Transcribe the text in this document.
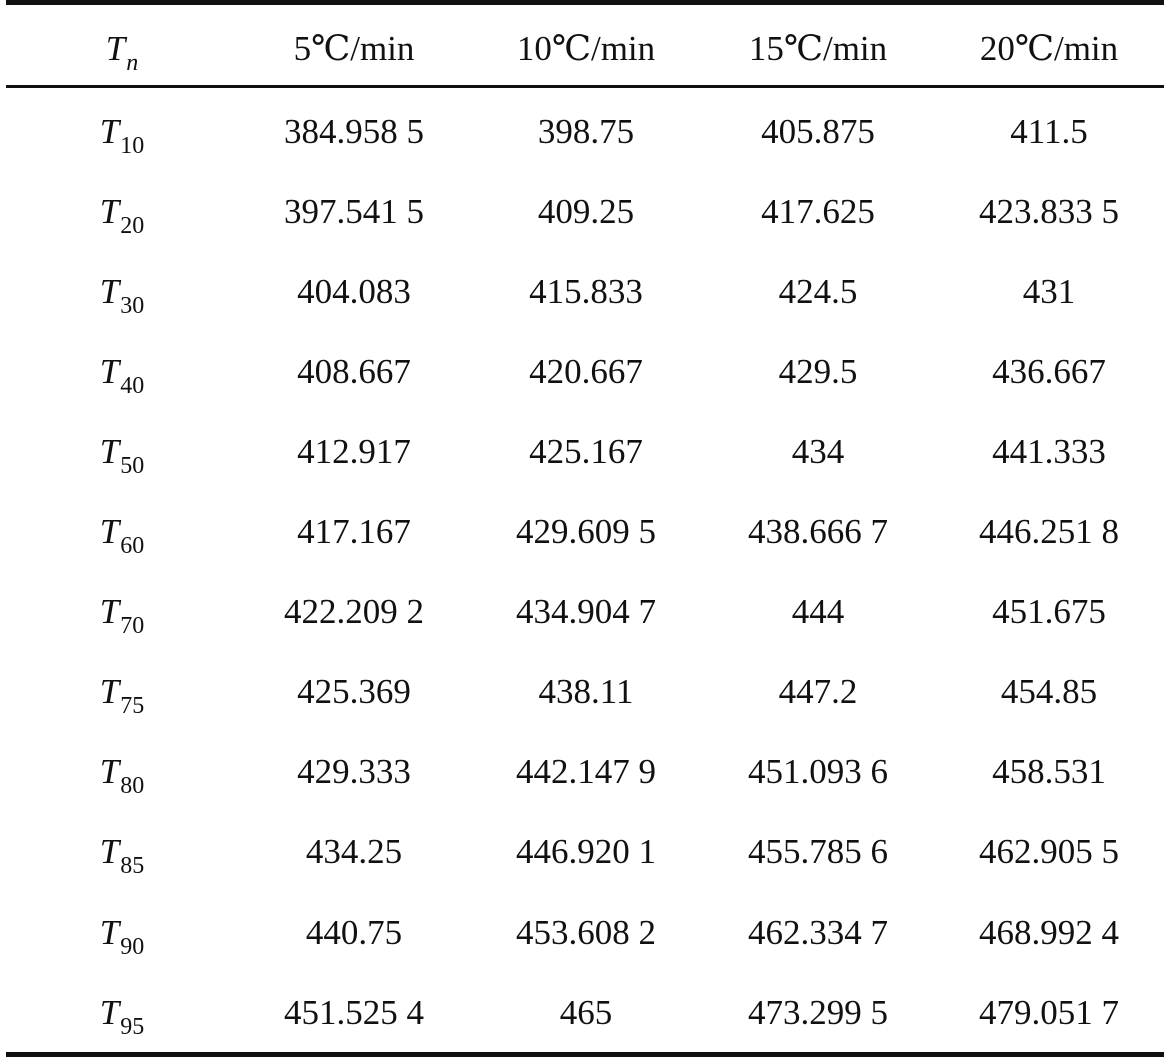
$T_n$	5℃/min	10℃/min	15℃/min	20℃/min
$T_{10}$	384.958 5	398.75	405.875	411.5
$T_{20}$	397.541 5	409.25	417.625	423.833 5
$T_{30}$	404.083	415.833	424.5	431
$T_{40}$	408.667	420.667	429.5	436.667
$T_{50}$	412.917	425.167	434	441.333
$T_{60}$	417.167	429.609 5	438.666 7	446.251 8
$T_{70}$	422.209 2	434.904 7	444	451.675
$T_{75}$	425.369	438.11	447.2	454.85
$T_{80}$	429.333	442.147 9	451.093 6	458.531
$T_{85}$	434.25	446.920 1	455.785 6	462.905 5
$T_{90}$	440.75	453.608 2	462.334 7	468.992 4
$T_{95}$	451.525 4	465	473.299 5	479.051 7
